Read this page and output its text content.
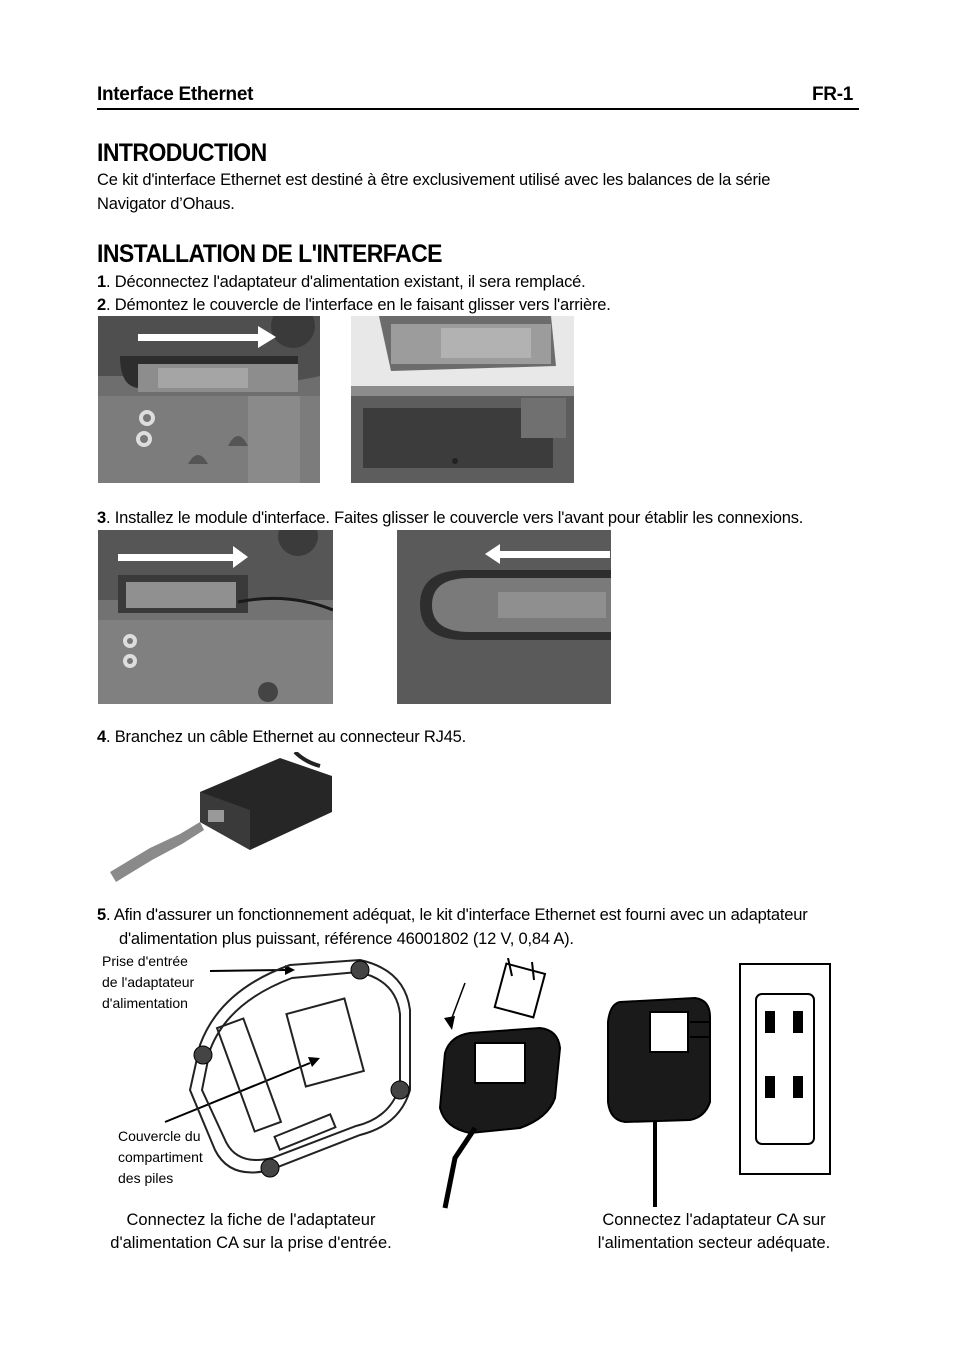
Interface Ethernet	FR-1
INTRODUCTION
Ce kit d'interface Ethernet est destiné à être exclusivement utilisé avec les balances de la série
Navigator d’Ohaus.
INSTALLATION DE L'INTERFACE
1. Déconnectez l'adaptateur d'alimentation existant, il sera remplacé.
2. Démontez le couvercle de l'interface en le faisant glisser vers l'arrière.
3. Installez le module d'interface. Faites glisser le couvercle vers l'avant pour établir les connexions.
4. Branchez un câble Ethernet au connecteur RJ45.
5. Afin d'assurer un fonctionnement adéquat, le kit d'interface Ethernet est fourni avec un adaptateur
d'alimentation plus puissant, référence 46001802 (12 V, 0,84 A).
Prise d'entrée
de l'adaptateur
d'alimentation
Couvercle du
compartiment
des piles
Connectez la fiche de l'adaptateur
d'alimentation CA sur la prise d'entrée.
Connectez l'adaptateur CA sur
l'alimentation secteur adéquate.
